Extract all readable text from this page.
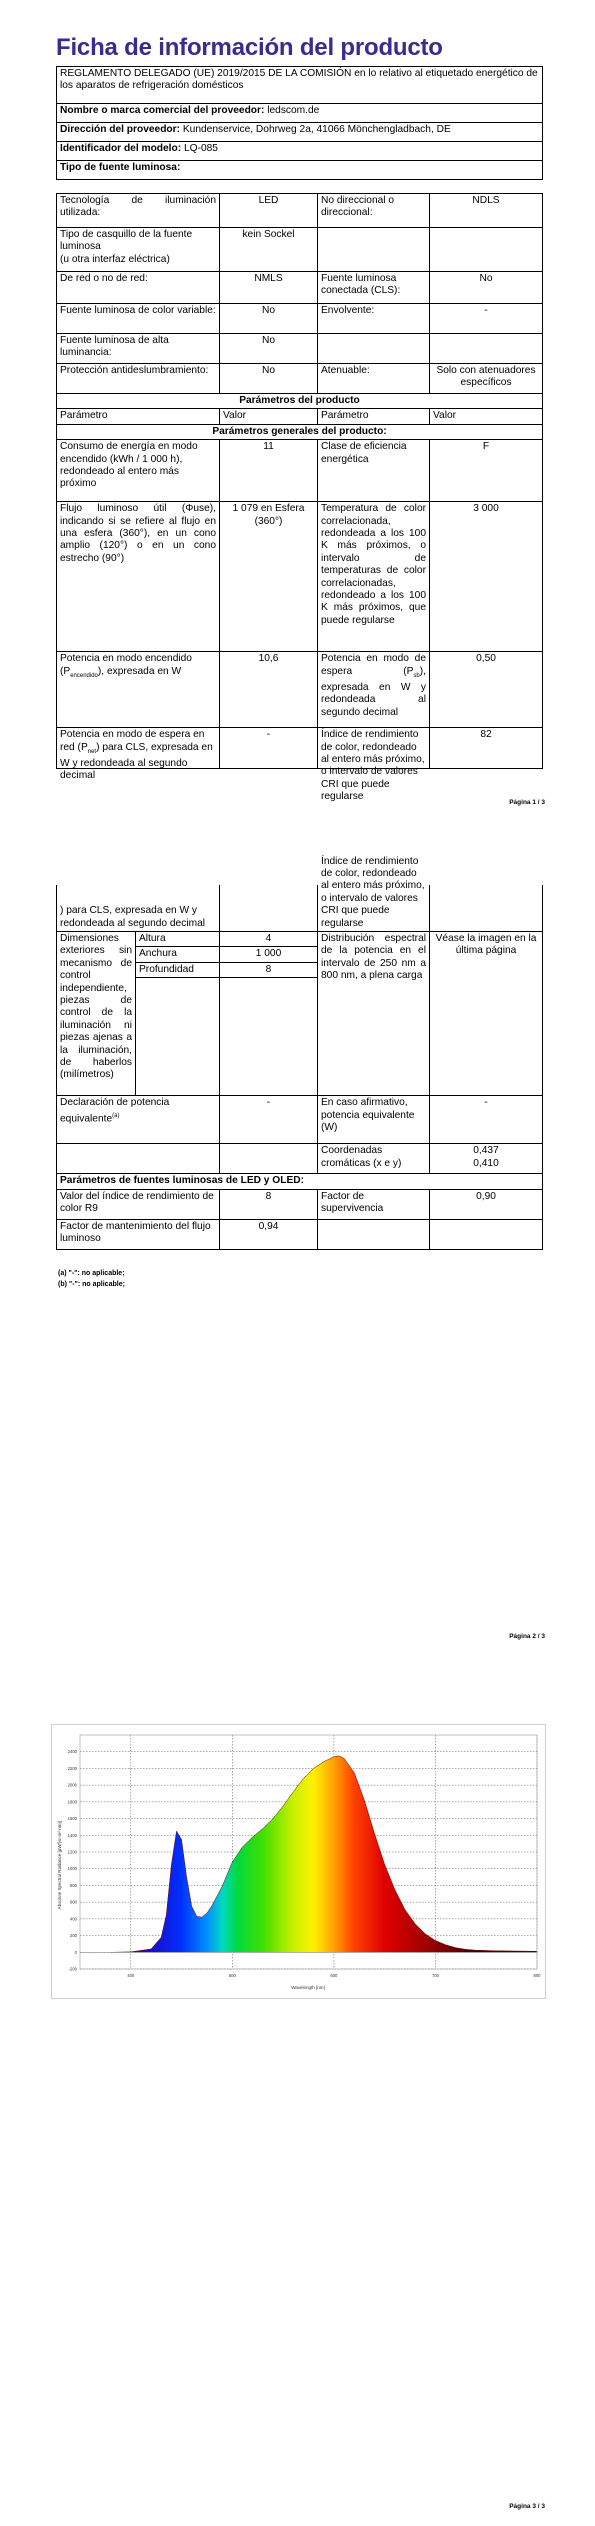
Ficha de información del producto
REGLAMENTO DELEGADO (UE) 2019/2015 DE LA COMISIÓN en lo relativo al etiquetado energético de los aparatos de refrigeración domésticos
Nombre o marca comercial del proveedor: ledscom.de
Dirección del proveedor: Kundenservice, Dohrweg 2a, 41066 Mönchengladbach, DE
Identificador del modelo: LQ-085
Tipo de fuente luminosa:
Tecnología de iluminación utilizada:	LED	No direccional o direccional:	NDLS
Tipo de casquillo de la fuente luminosa
(u otra interfaz eléctrica)	kein Sockel		
De red o no de red:	NMLS	Fuente luminosa conectada (CLS):	No
Fuente luminosa de color variable:	No	Envolvente:	-
Fuente luminosa de alta luminancia:	No		
Protección antideslumbramiento:	No	Atenuable:	Solo con atenuadores específicos
Parámetros del producto			
Parámetro	Valor	Parámetro	Valor
Parámetros generales del producto:			
Consumo de energía en modo encendido (kWh / 1 000 h), redondeado al entero más próximo	11	Clase de eficiencia energética	F
Flujo luminoso útil (Φuse), indicando si se refiere al flujo en una esfera (360°), en un cono amplio (120°) o en un cono estrecho (90°)	1 079 en Esfera (360°)	Temperatura de color correlacionada, redondeada a los 100 K más próximos, o intervalo de temperaturas de color correlacionadas, redondeado a los 100 K más próximos, que puede regularse	3 000
Potencia en modo encendido $(P_{encendido})$, expresada en W	10,6	Potencia en modo de espera $(P_{sb})$, expresada en W y redondeada al segundo decimal	0,50

Potencia en modo de espera en red $(P_{net})$ para CLS, expresada en W y redondeada al segundo decimal	-	Índice de rendimiento de color, redondeado al entero más próximo, o intervalo de valores CRI que puede regularse	82
Página 1 / 3
) para CLS, expresada en W y redondeada al segundo decimal			Índice de rendimiento de color, redondeado al entero más próximo, o intervalo de valores CRI que puede regularse	

Dimensiones exteriores sin mecanismo de control independiente, piezas de control de la iluminación ni piezas ajenas a la iluminación, de haberlos (milímetros)	Altura	4	Distribución espectral de la potencia en el intervalo de 250 nm a 800 nm, a plena carga	Véase la imagen en la última página
	Anchura	1 000		
	Profundidad	8		

Declaración de potencia equivalente$^{(a)}$		-	En caso afirmativo, potencia equivalente (W)	-
			Coordenadas cromáticas (x e y)	0,437
0,410
Parámetros de fuentes luminosas de LED y OLED:				
Valor del índice de rendimiento de color R9		8	Factor de supervivencia	0,90
Factor de mantenimiento del flujo luminoso		0,94		
(a) "-": no aplicable;
(b) "-": no aplicable;
Página 2 / 3
-200
0
200
400
600
800
1000
1200
1400
1600
1800
2000
2200
2400
400	500	600	700	800
Absolute Spectral Radiance [µW/(sr·m²·nm)]
Wavelength [nm]
Página 3 / 3
